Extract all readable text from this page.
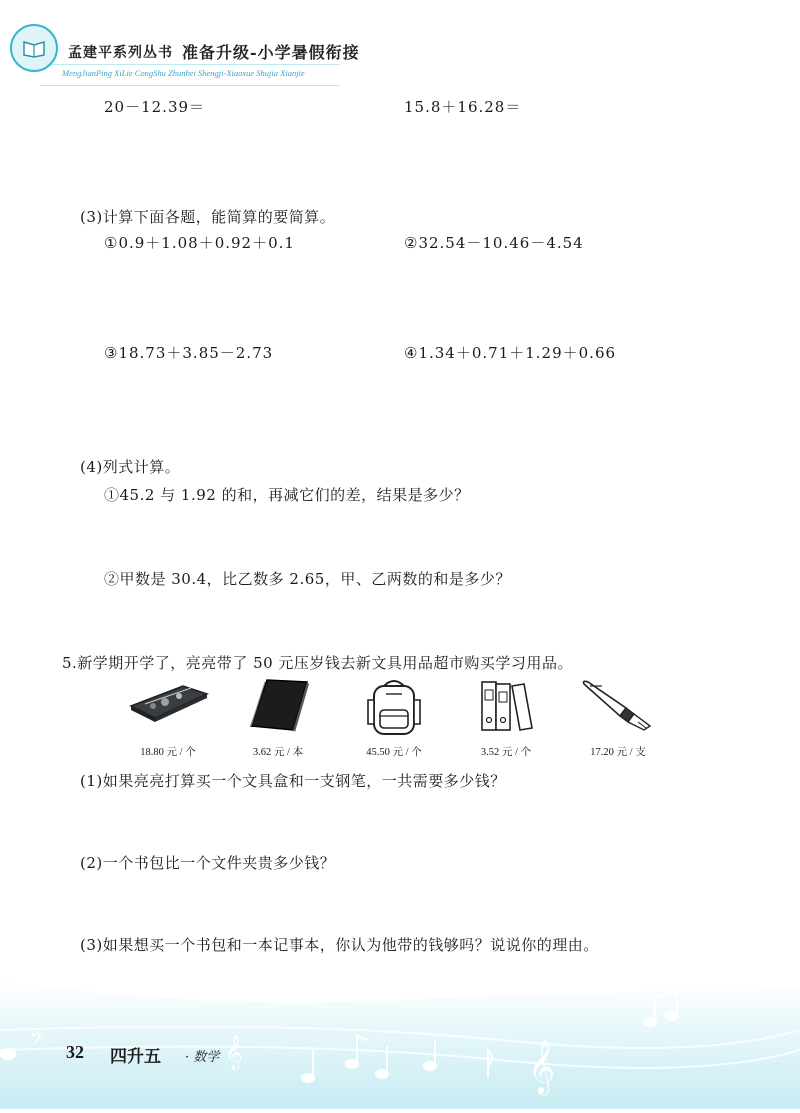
孟建平系列丛书 准备升级-小学暑假衔接
MengJianPing XiLie CongShu Zhunbei Shengji-Xiaoxue Shujia Xianjie
20－12.39＝	15.8＋16.28＝
(3)计算下面各题，能简算的要简算。
①0.9＋1.08＋0.92＋0.1	②32.54－10.46－4.54
③18.73＋3.85－2.73	④1.34＋0.71＋1.29＋0.66
(4)列式计算。
①45.2 与 1.92 的和，再减它们的差，结果是多少？
②甲数是 30.4，比乙数多 2.65，甲、乙两数的和是多少？
5.新学期开学了，亮亮带了 50 元压岁钱去新文具用品超市购买学习用品。
18.80 元 / 个	3.62 元 / 本	45.50 元 / 个	3.52 元 / 个	17.20 元 / 支
(1)如果亮亮打算买一个文具盒和一支钢笔，一共需要多少钱？
(2)一个书包比一个文件夹贵多少钱？
(3)如果想买一个书包和一本记事本，你认为他带的钱够吗？说说你的理由。
𝄞
𝄞
𝄢 32 四升五 · 数学
